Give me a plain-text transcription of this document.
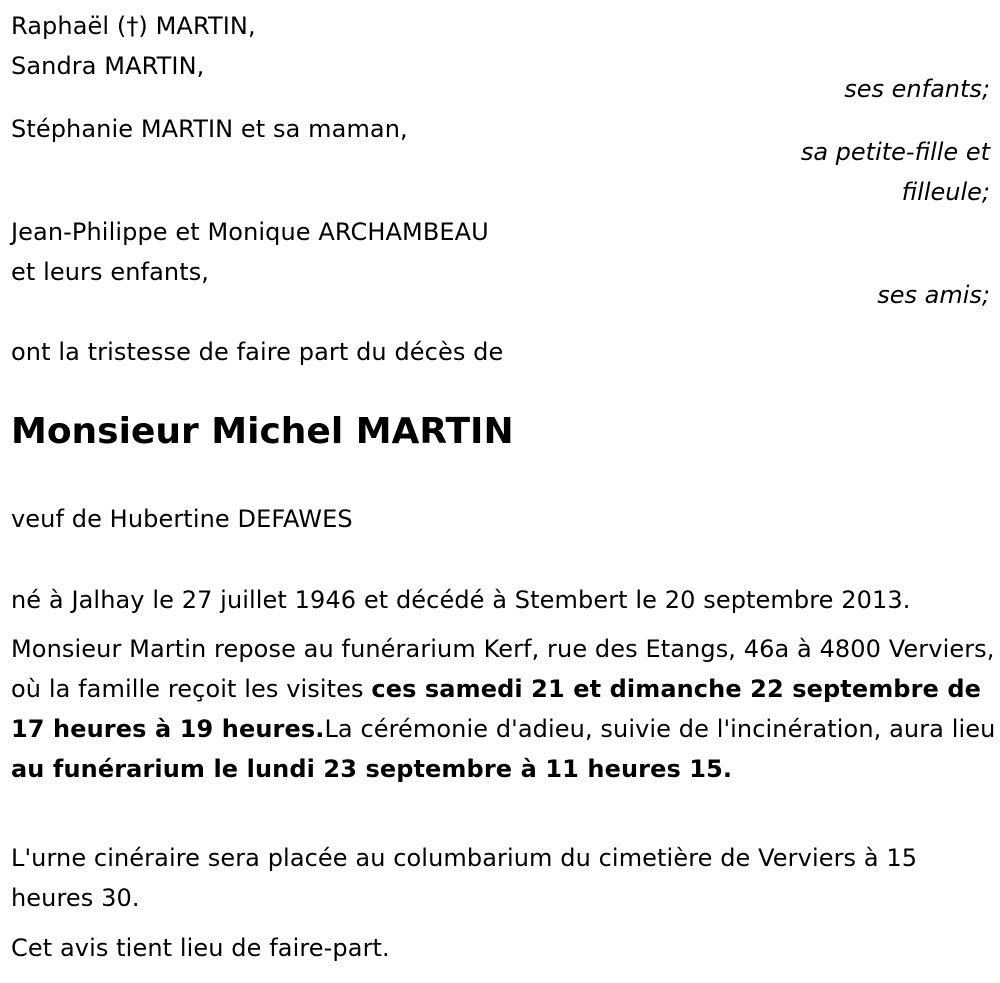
Raphaël (†) MARTIN,
Sandra MARTIN,
ses enfants;
Stéphanie MARTIN et sa maman,
sa petite-fille et
filleule;
Jean-Philippe et Monique ARCHAMBEAU
et leurs enfants,
ses amis;
ont la tristesse de faire part du décès de
Monsieur Michel MARTIN
veuf de Hubertine DEFAWES
né à Jalhay le 27 juillet 1946 et décédé à Stembert le 20 septembre 2013.
Monsieur Martin repose au funérarium Kerf, rue des Etangs, 46a à 4800 Verviers, où la famille reçoit les visites ces samedi 21 et dimanche 22 septembre de 17 heures à 19 heures.La cérémonie d'adieu, suivie de l'incinération, aura lieu au funérarium le lundi 23 septembre à 11 heures 15.
L'urne cinéraire sera placée au columbarium du cimetière de Verviers à 15 heures 30.
Cet avis tient lieu de faire-part.
